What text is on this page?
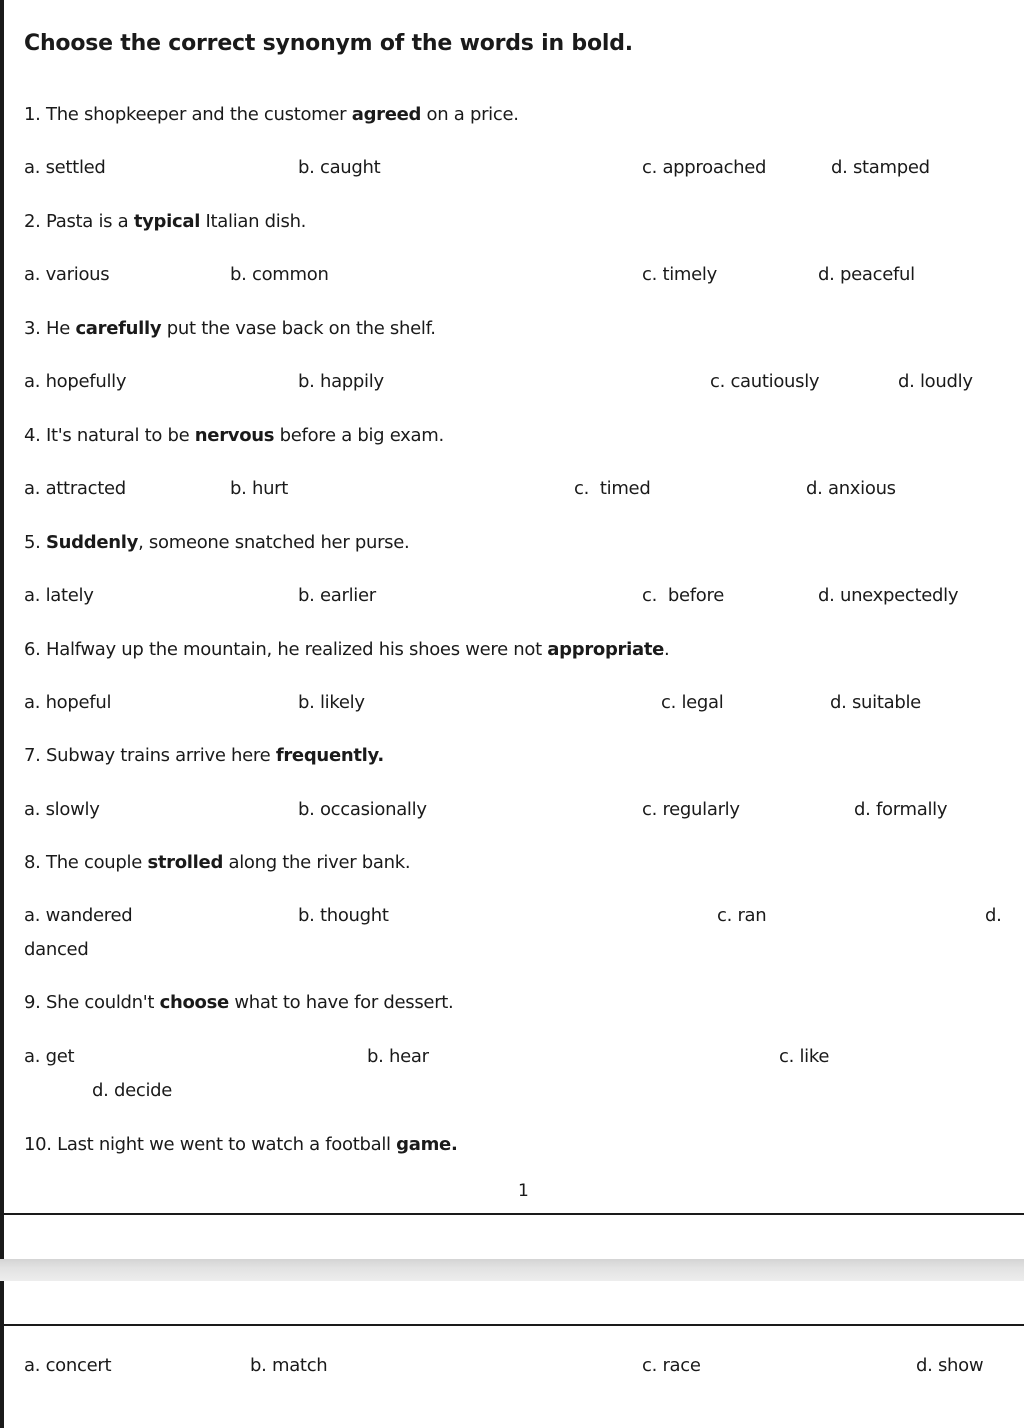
Choose the correct synonym of the words in bold.
1. The shopkeeper and the customer agreed on a price.
a. settled	b. caught	c. approached	d. stamped
2. Pasta is a typical Italian dish.
a. various	b. common	c. timely	d. peaceful
3. He carefully put the vase back on the shelf.
a. hopefully	b. happily	c. cautiously	d. loudly
4. It's natural to be nervous before a big exam.
a. attracted	b. hurt	c.  timed	d. anxious
5. Suddenly, someone snatched her purse.
a. lately	b. earlier	c.  before	d. unexpectedly
6. Halfway up the mountain, he realized his shoes were not appropriate.
a. hopeful	b. likely	c. legal	d. suitable
7. Subway trains arrive here frequently.
a. slowly	b. occasionally	c. regularly	d. formally
8. The couple strolled along the river bank.
a. wandered	b. thought	c. ran	d.
danced
9. She couldn't choose what to have for dessert.
a. get	b. hear	c. like
d. decide
10. Last night we went to watch a football game.
1
a. concert	b. match	c. race	d. show
